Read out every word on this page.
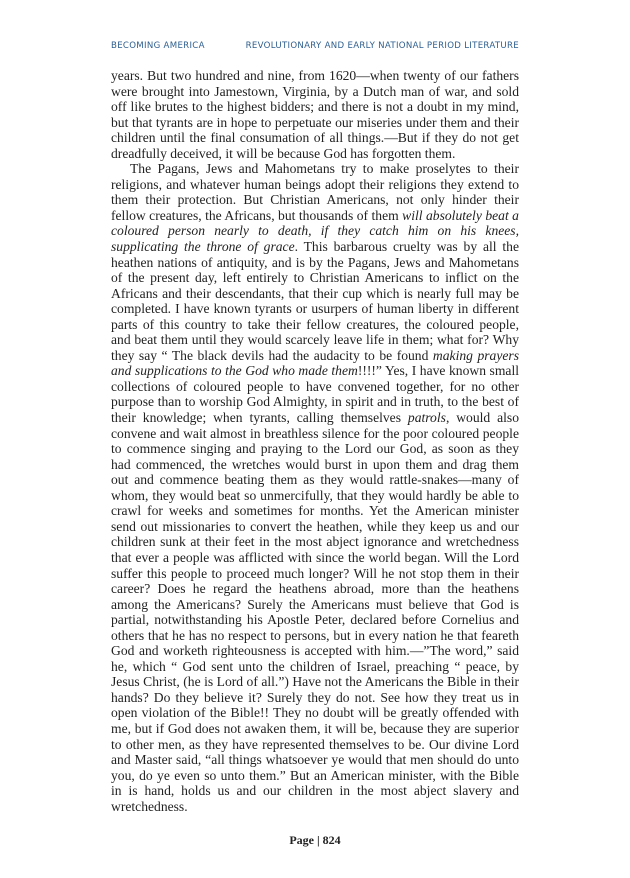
BECOMING AMERICA	REVOLUTIONARY AND EARLY NATIONAL PERIOD LITERATURE

years. But two hundred and nine, from 1620—when twenty of our fathers were brought into Jamestown, Virginia, by a Dutch man of war, and sold off like brutes to the highest bidders; and there is not a doubt in my mind, but that tyrants are in hope to perpetuate our miseries under them and their children until the final consumation of all things.—But if they do not get dreadfully deceived, it will be because God has forgotten them.

The Pagans, Jews and Mahometans try to make proselytes to their religions, and whatever human beings adopt their religions they extend to them their protection. But Christian Americans, not only hinder their fellow creatures, the Africans, but thousands of them will absolutely beat a coloured person nearly to death, if they catch him on his knees, supplicating the throne of grace. This barbarous cruelty was by all the heathen nations of antiquity, and is by the Pagans, Jews and Mahometans of the present day, left entirely to Christian Americans to inflict on the Africans and their descendants, that their cup which is nearly full may be completed. I have known tyrants or usurpers of human liberty in different parts of this country to take their fellow creatures, the coloured people, and beat them until they would scarcely leave life in them; what for? Why they say “ The black devils had the audacity to be found making prayers and supplications to the God who made them!!!!” Yes, I have known small collections of coloured people to have convened together, for no other purpose than to worship God Almighty, in spirit and in truth, to the best of their knowledge; when tyrants, calling themselves patrols, would also convene and wait almost in breathless silence for the poor coloured people to commence singing and praying to the Lord our God, as soon as they had commenced, the wretches would burst in upon them and drag them out and commence beating them as they would rattle-snakes—many of whom, they would beat so unmercifully, that they would hardly be able to crawl for weeks and sometimes for months. Yet the American minister send out missionaries to convert the heathen, while they keep us and our children sunk at their feet in the most abject ignorance and wretchedness that ever a people was afflicted with since the world began. Will the Lord suffer this people to proceed much longer? Will he not stop them in their career? Does he regard the heathens abroad, more than the heathens among the Americans? Surely the Americans must believe that God is partial, notwithstanding his Apostle Peter, declared before Cornelius and others that he has no respect to persons, but in every nation he that feareth God and worketh righteousness is accepted with him.—”The word,” said he, which “ God sent unto the children of Israel, preaching “ peace, by Jesus Christ, (he is Lord of all.”) Have not the Americans the Bible in their hands? Do they believe it? Surely they do not. See how they treat us in open violation of the Bible!! They no doubt will be greatly offended with me, but if God does not awaken them, it will be, because they are superior to other men, as they have represented themselves to be. Our divine Lord and Master said, “all things whatsoever ye would that men should do unto you, do ye even so unto them.” But an American minister, with the Bible in is hand, holds us and our children in the most abject slavery and wretchedness.

Page | 824
